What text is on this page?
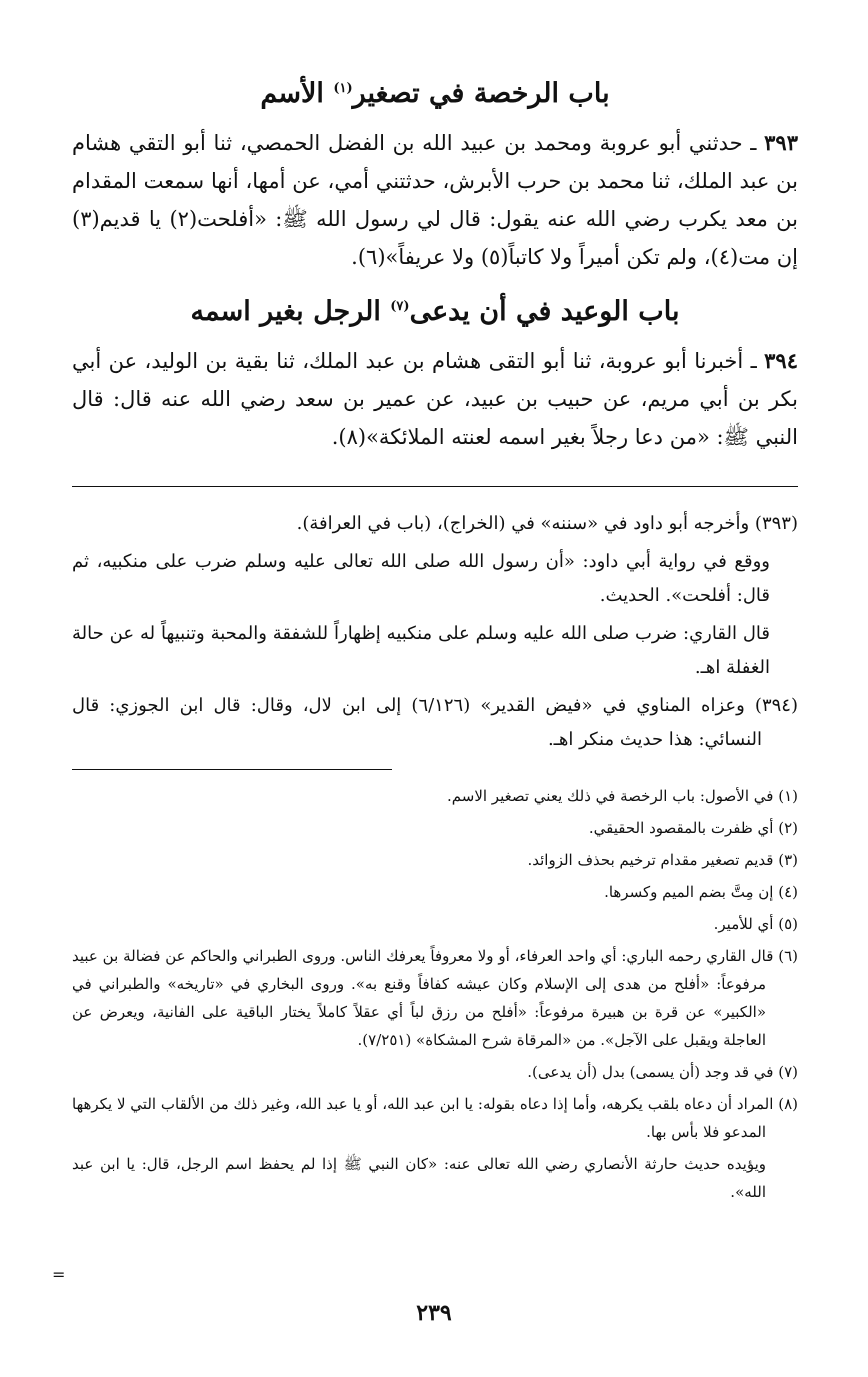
باب الرخصة في تصغير$^{(١)}$ الأسم

٣٩٣ ـ حدثني أبو عروبة ومحمد بن عبيد الله بن الفضل الحمصي، ثنا أبو التقي هشام بن عبد الملك، ثنا محمد بن حرب الأبرش، حدثتني أمي، عن أمها، أنها سمعت المقدام بن معد يكرب رضي الله عنه يقول: قال لي رسول الله ﷺ: «أفلحت(٢) يا قديم(٣) إن مت(٤)، ولم تكن أميراً ولا كاتباً(٥) ولا عريفاً»(٦).

باب الوعيد في أن يدعى$^{(٧)}$ الرجل بغير اسمه

٣٩٤ ـ أخبرنا أبو عروبة، ثنا أبو التقى هشام بن عبد الملك، ثنا بقية بن الوليد، عن أبي بكر بن أبي مريم، عن حبيب بن عبيد، عن عمير بن سعد رضي الله عنه قال: قال النبي ﷺ: «من دعا رجلاً بغير اسمه لعنته الملائكة»(٨).

(٣٩٣) وأخرجه أبو داود في «سننه» في (الخراج)، (باب في العرافة).

ووقع في رواية أبي داود: «أن رسول الله صلى الله تعالى عليه وسلم ضرب على منكبيه، ثم قال: أفلحت». الحديث.

قال القاري: ضرب صلى الله عليه وسلم على منكبيه إظهاراً للشفقة والمحبة وتنبيهاً له عن حالة الغفلة اهـ.

(٣٩٤) وعزاه المناوي في «فيض القدير» (٦/١٢٦) إلى ابن لال، وقال: قال ابن الجوزي: قال النسائي: هذا حديث منكر اهـ.

(١) في الأصول: باب الرخصة في ذلك يعني تصغير الاسم.

(٢) أي ظفرت بالمقصود الحقيقي.

(٣) قديم تصغير مقدام ترخيم بحذف الزوائد.

(٤) إن مِتَّ بضم الميم وكسرها.

(٥) أي للأمير.

(٦) قال القاري رحمه الباري: أي واحد العرفاء، أو ولا معروفاً يعرفك الناس. وروى الطبراني والحاكم عن فضالة بن عبيد مرفوعاً: «أفلح من هدى إلى الإسلام وكان عيشه كفافاً وقنع به». وروى البخاري في «تاريخه» والطبراني في «الكبير» عن قرة بن هبيرة مرفوعاً: «أفلح من رزق لباً أي عقلاً كاملاً يختار الباقية على الفانية، ويعرض عن العاجلة ويقبل على الآجل». من «المرقاة شرح المشكاة» (٧/٢٥١).

(٧) في قد وجد (أن يسمى) بدل (أن يدعى).

(٨) المراد أن دعاه بلقب يكرهه، وأما إذا دعاه بقوله: يا ابن عبد الله، أو يا عبد الله، وغير ذلك من الألقاب التي لا يكرهها المدعو فلا بأس بها.

ويؤيده حديث حارثة الأنصاري رضي الله تعالى عنه: «كان النبي ﷺ إذا لم يحفظ اسم الرجل، قال: يا ابن عبد الله».

=
٢٣٩
